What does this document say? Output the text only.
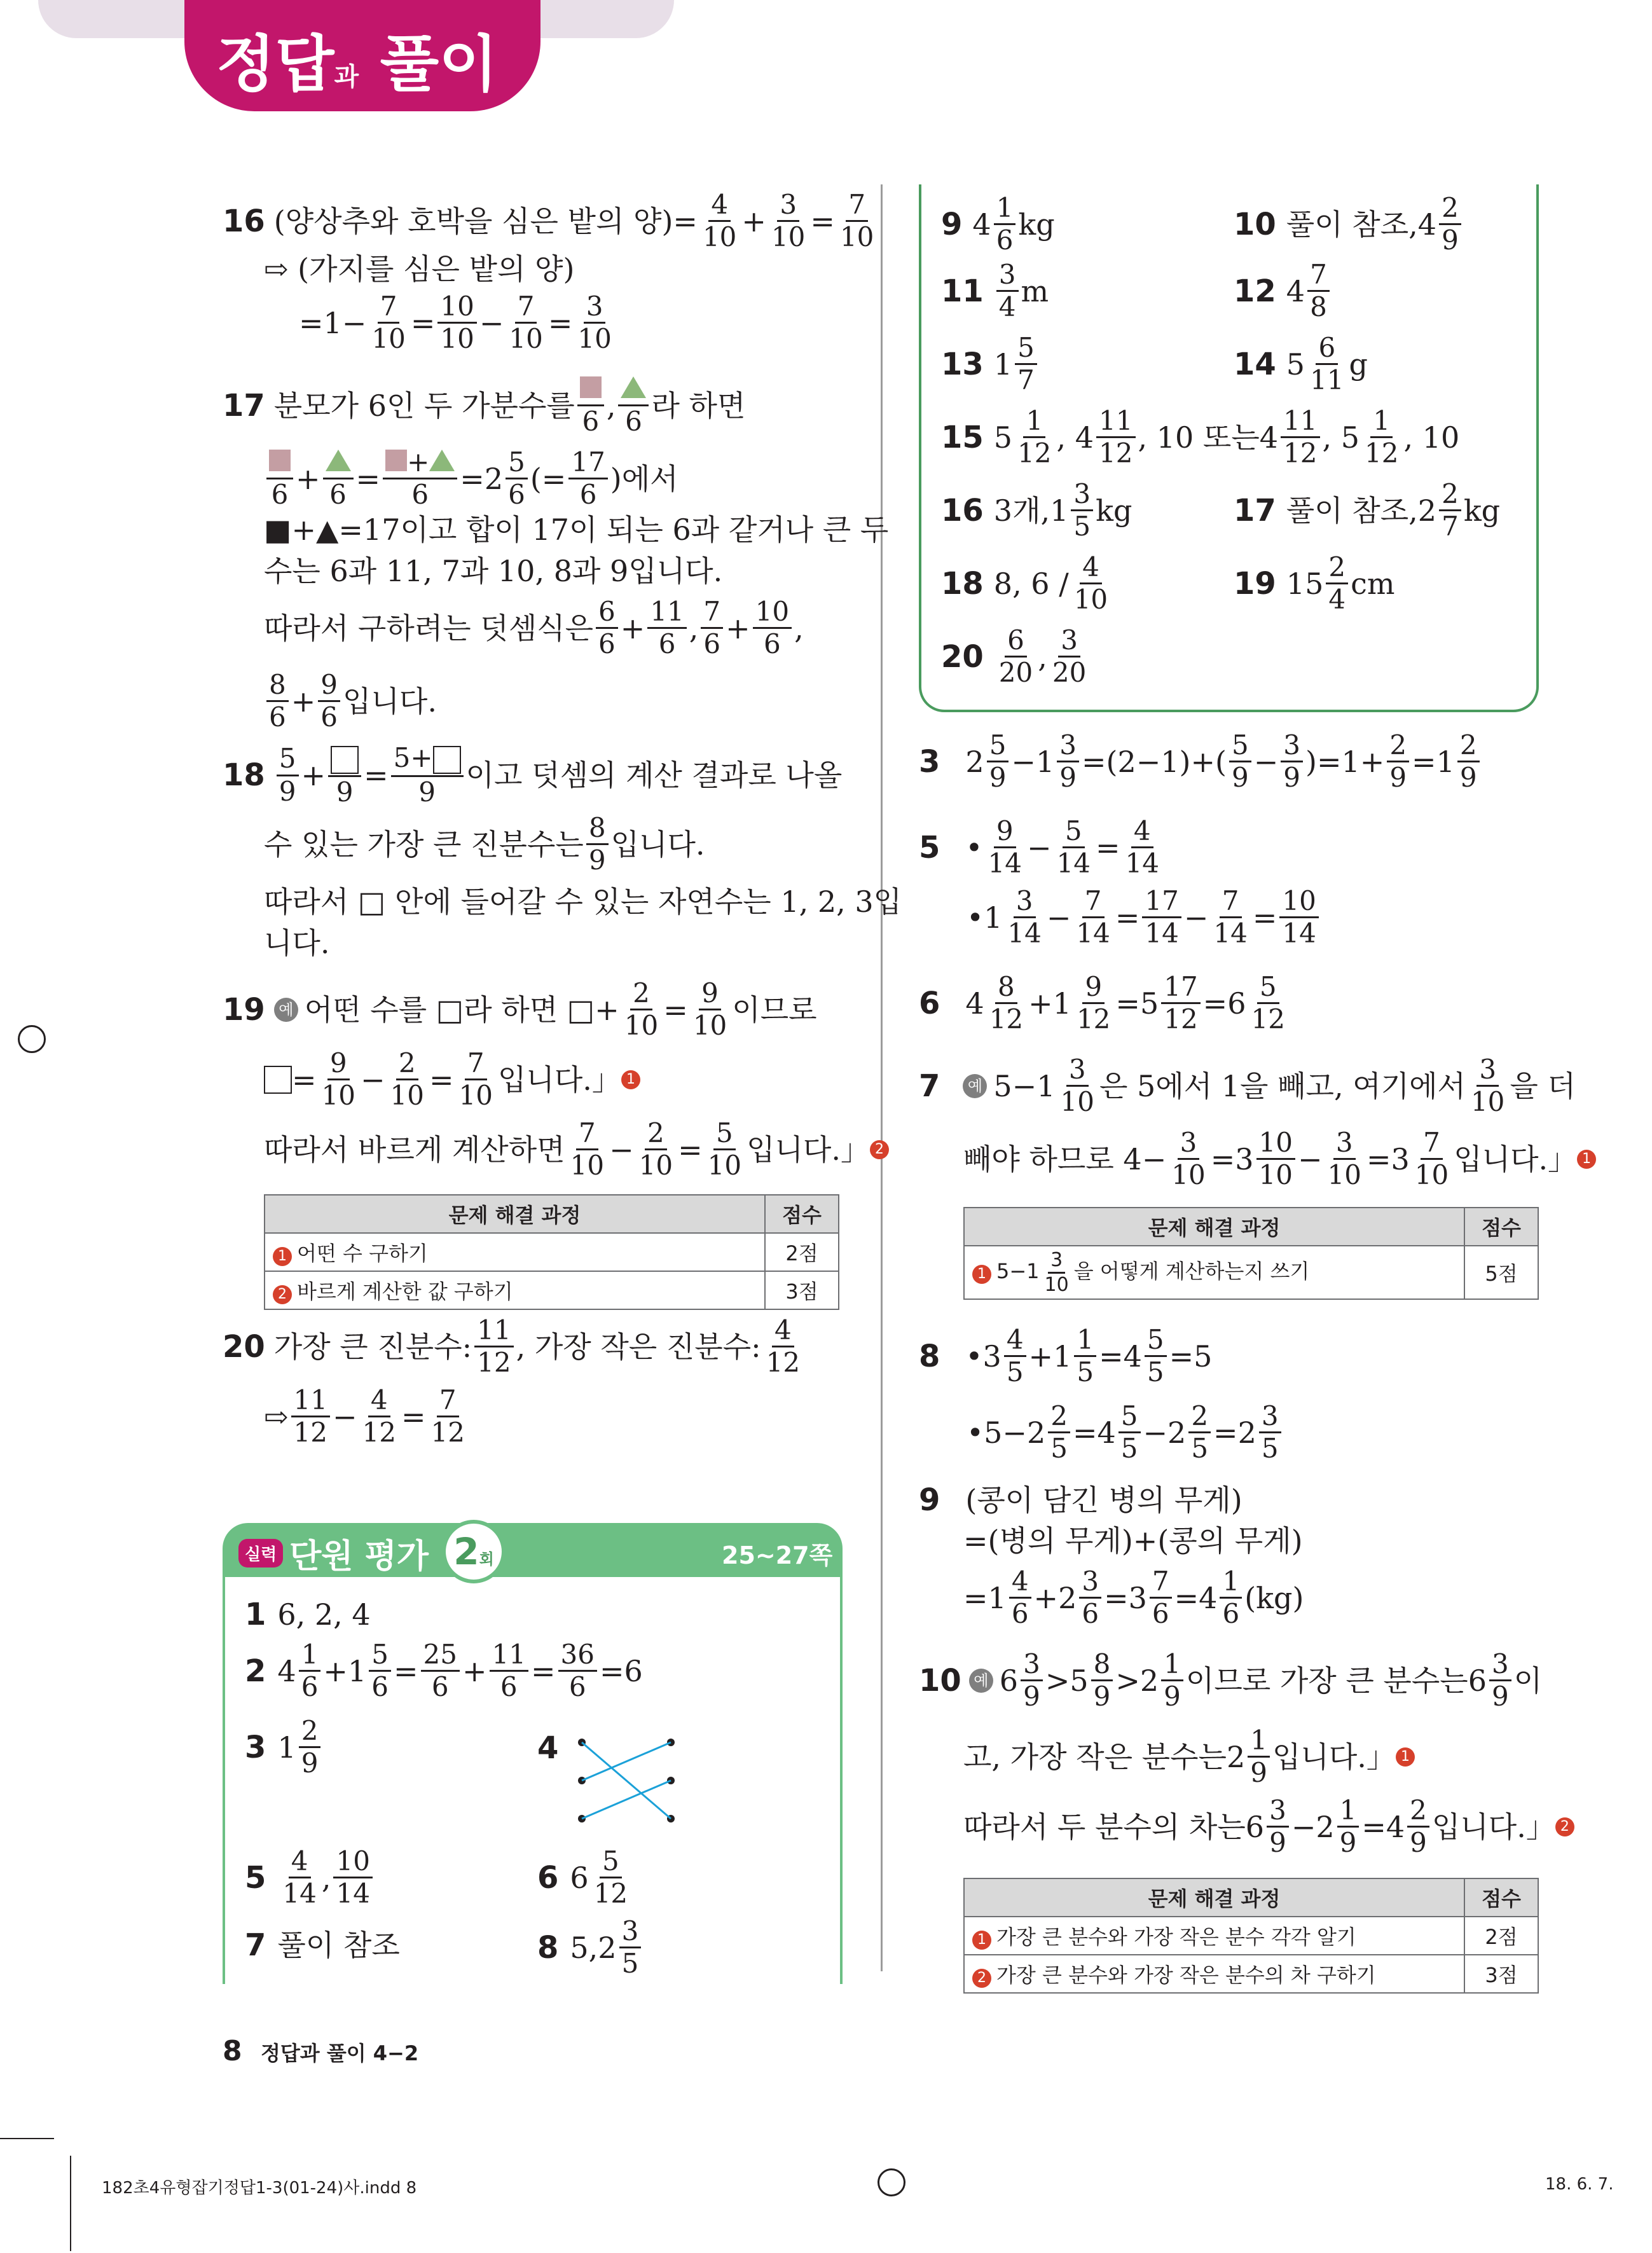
정답과 풀이
16 (양상추와 호박을 심은 밭의 양)= $\frac{4}{10} + \frac{3}{10} = \frac{7}{10}$
⇨ (가지를 심은 밭의 양)
$=1- \frac{7}{10} = \frac{10}{10} - \frac{7}{10} = \frac{3}{10}$
17 분모가 6인 두 가분수를 6 , 6 라 하면
$6 + 6 = \frac{+}{6} =2 \frac{5}{6}$ (= $\frac{17}{6}$ )에서
■+▲=17이고 합이 17이 되는 6과 같거나 큰 두
수는 6과 11, 7과 10, 8과 9입니다.
따라서 구하려는 덧셈식은 $\frac{6}{6} + \frac{11}{6}$ , $\frac{7}{6} + \frac{10}{6}$ ,
$\frac{8}{6} + \frac{9}{6}$ 입니다.
$18 \frac{5}{9} + 9 = \frac{5+}{9}$ 이고 덧셈의 계산 결과로 나올
수 있는 가장 큰 진분수는 $\frac{8}{9}$ 입니다.
따라서 □ 안에 들어갈 수 있는 자연수는 1, 2, 3입
니다.
19 예 어떤 수를 □라 하면 □+ $\frac{2}{10} = \frac{9}{10}$ 이므로
= $\frac{9}{10} - \frac{2}{10} = \frac{7}{10}$ 입니다.」 1
따라서 바르게 계산하면 $\frac{7}{10} - \frac{2}{10} = \frac{5}{10}$ 입니다.」 2
문제 해결 과정	점수
1 어떤 수 구하기	2점
2 바르게 계산한 값 구하기	3점
20 가장 큰 진분수: $\frac{11}{12}$ , 가장 작은 진분수: $\frac{4}{12}$
⇨ $\frac{11}{12} - \frac{4}{12} = \frac{7}{12}$
실력 단원 평가 2회	25~27쪽
1 6, 2, 4
2 $4 \frac{1}{6} +1 \frac{5}{6} = \frac{25}{6} + \frac{11}{6} = \frac{36}{6} =6$
3 $1 \frac{2}{9}$	4
$5 \frac{4}{14}$ , $\frac{10}{14}$	6 $6 \frac{5}{12}$
7 풀이 참조	8 5, $2 \frac{3}{5}$
9 $4 \frac{1}{6}$ kg	10 풀이 참조, $4 \frac{2}{9}$
$11 \frac{3}{4}$ m	12 $4 \frac{7}{8}$
13 $1 \frac{5}{7}$	14 $5 \frac{6}{11}$ g
15 $5 \frac{1}{12}$ , $4 \frac{11}{12}$ , 10 또는 $4 \frac{11}{12}$ , $5 \frac{1}{12}$ , 10
16 3개, $1 \frac{3}{5}$ kg	17 풀이 참조, $2 \frac{2}{7}$ kg
18 8, $6 / \frac{4}{10}$	19 $15 \frac{2}{4}$ cm
$20 \frac{6}{20}$ , $\frac{3}{20}$
3 $2 \frac{5}{9} -1 \frac{3}{9} =(2-1)+( \frac{5}{9} - \frac{3}{9} )=1+ \frac{2}{9} =1 \frac{2}{9}$
5 • $\frac{9}{14} - \frac{5}{14} = \frac{4}{14}$
•1 $\frac{3}{14} - \frac{7}{14} = \frac{17}{14} - \frac{7}{14} = \frac{10}{14}$
6 $4 \frac{8}{12} +1 \frac{9}{12} =5 \frac{17}{12} =6 \frac{5}{12}$
7	예 $5-1 \frac{3}{10}$ 은 5에서 1을 빼고, 여기에서 $\frac{3}{10}$ 을 더
빼야 하므로 $4- \frac{3}{10} =3 \frac{10}{10} - \frac{3}{10} =3 \frac{7}{10}$ 입니다.」 1
문제 해결 과정	점수
1 $5-1 \frac{3}{10}$ 을 어떻게 계산하는지 쓰기	5점
8 •3 $\frac{4}{5} +1 \frac{1}{5} =4 \frac{5}{5} =5$
•5−2 $\frac{2}{5} =4 \frac{5}{5} -2 \frac{2}{5} =2 \frac{3}{5}$
9 (콩이 담긴 병의 무게)
=(병의 무게)+(콩의 무게)
$=1 \frac{4}{6} +2 \frac{3}{6} =3 \frac{7}{6} =4 \frac{1}{6} (kg)$
10 예 $6 \frac{3}{9} >5 \frac{8}{9} >2 \frac{1}{9}$ 이므로 가장 큰 분수는 $6 \frac{3}{9}$ 이
고, 가장 작은 분수는 $2 \frac{1}{9}$ 입니다.」 1
따라서 두 분수의 차는 $6 \frac{3}{9} -2 \frac{1}{9} =4 \frac{2}{9}$ 입니다.」 2
문제 해결 과정	점수
1 가장 큰 분수와 가장 작은 분수 각각 알기	2점
2 가장 큰 분수와 가장 작은 분수의 차 구하기	3점
8 정답과 풀이 4−2
182초4유형잡기정답1-3(01-24)사.indd 8	18. 6. 7.
